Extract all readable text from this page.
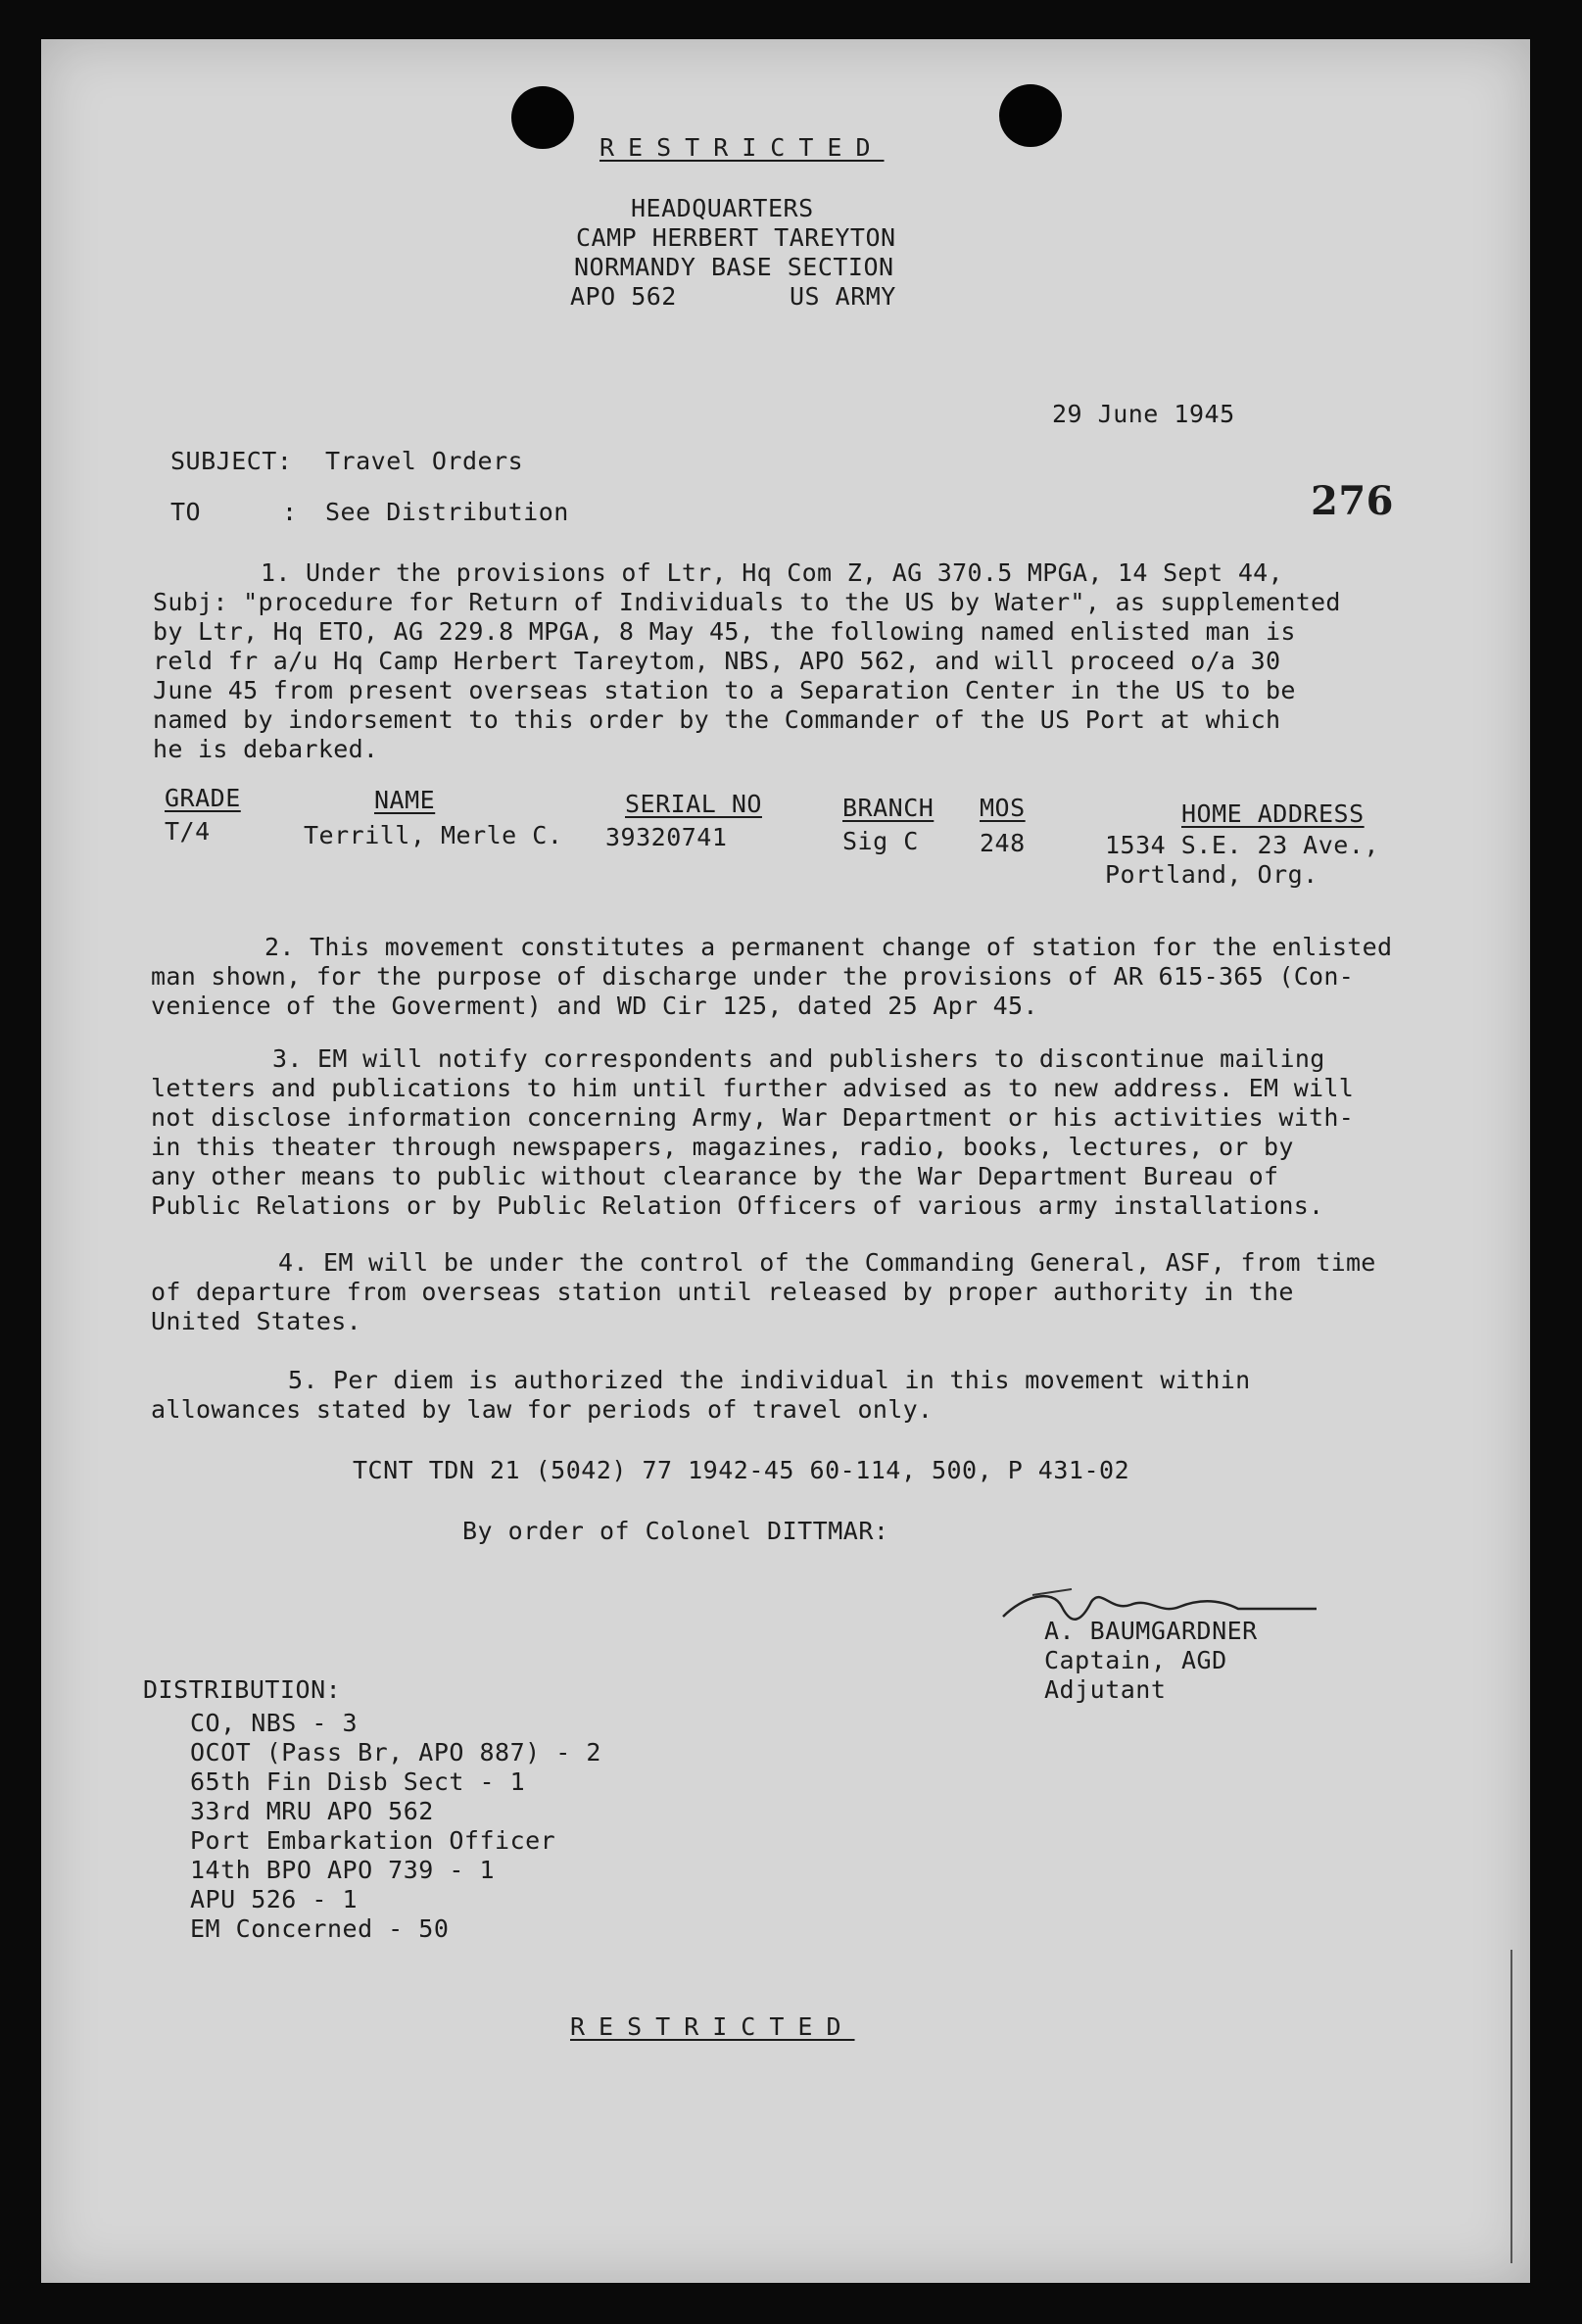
RESTRICTED
HEADQUARTERS
CAMP HERBERT TAREYTON
NORMANDY BASE SECTION
APO 562	US ARMY
29 June 1945
276
SUBJECT: Travel Orders
TO	: See Distribution
1. Under the provisions of Ltr, Hq Com Z, AG 370.5 MPGA, 14 Sept 44,
Subj: "procedure for Return of Individuals to the US by Water", as supplemented
by Ltr, Hq ETO, AG 229.8 MPGA, 8 May 45, the following named enlisted man is
reld fr a/u Hq Camp Herbert Tareytom, NBS, APO 562, and will proceed o/a 30
June 45 from present overseas station to a Separation Center in the US to be
named by indorsement to this order by the Commander of the US Port at which
he is debarked.
GRADE	NAME	SERIAL NO	BRANCH MOS	HOME ADDRESS
T/4	Terrill, Merle C. 39320741	Sig C 248	1534 S.E. 23 Ave.,
Portland, Org.
2. This movement constitutes a permanent change of station for the enlisted
man shown, for the purpose of discharge under the provisions of AR 615-365 (Con-
venience of the Goverment) and WD Cir 125, dated 25 Apr 45.
3. EM will notify correspondents and publishers to discontinue mailing
letters and publications to him until further advised as to new address. EM will
not disclose information concerning Army, War Department or his activities with-
in this theater through newspapers, magazines, radio, books, lectures, or by
any other means to public without clearance by the War Department Bureau of
Public Relations or by Public Relation Officers of various army installations.
4. EM will be under the control of the Commanding General, ASF, from time
of departure from overseas station until released by proper authority in the
United States.
5. Per diem is authorized the individual in this movement within
allowances stated by law for periods of travel only.
TCNT TDN 21 (5042) 77 1942-45 60-114, 500, P 431-02
By order of Colonel DITTMAR:
A. BAUMGARDNER
Captain, AGD
Adjutant
DISTRIBUTION:
CO, NBS - 3
OCOT (Pass Br, APO 887) - 2
65th Fin Disb Sect - 1
33rd MRU APO 562
Port Embarkation Officer
14th BPO APO 739 - 1
APU 526 - 1
EM Concerned - 50
RESTRICTED
